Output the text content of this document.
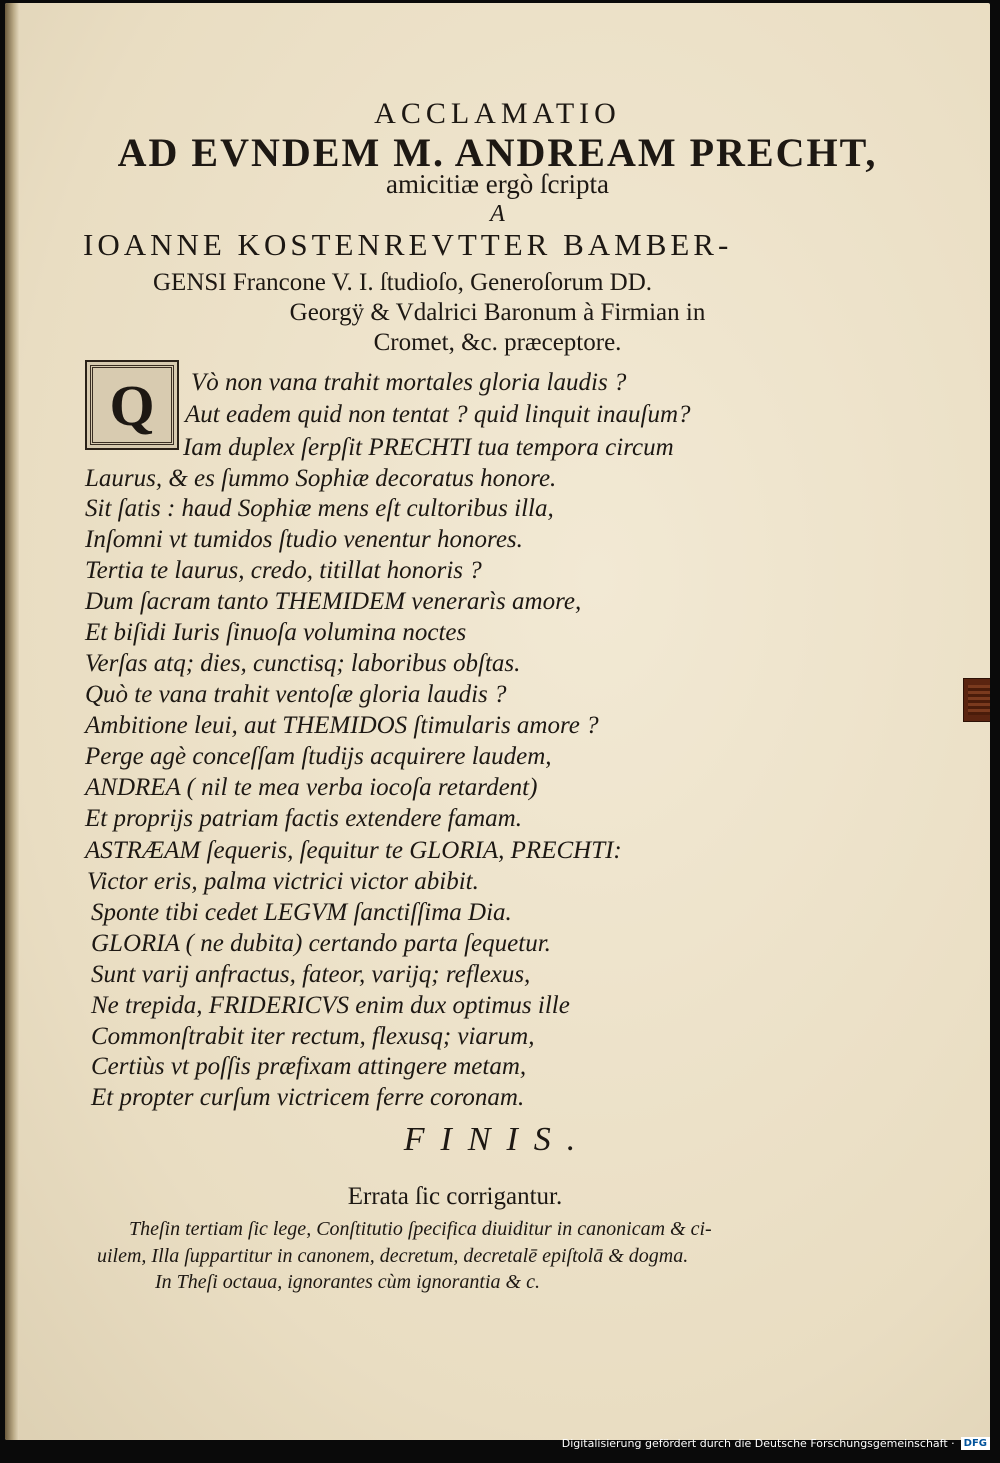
ACCLAMATIO
AD EVNDEM M. ANDREAM PRECHT,
amicitiæ ergò ſcripta
A
IOANNE KOSTENREVTTER BAMBER-
GENSI Francone V. I. ſtudioſo, Generoſorum DD.
Georgÿ & Vdalrici Baronum à Firmian in
Cromet, &c. præceptore.
Q Vò non vana trahit mortales gloria laudis ?
Aut eadem quid non tentat ? quid linquit inauſum?
Iam duplex ſerpſit PRECHTI tua tempora circum
Laurus, & es ſummo Sophiæ decoratus honore.
Sit ſatis : haud Sophiæ mens eſt cultoribus illa,
Inſomni vt tumidos ſtudio venentur honores.
Tertia te laurus, credo, titillat honoris ?
Dum ſacram tanto THEMIDEM venerarìs amore,
Et biſidi Iuris ſinuoſa volumina noctes
Verſas atq; dies, cunctisq; laboribus obſtas.
Quò te vana trahit ventoſæ gloria laudis ?
Ambitione leui, aut THEMIDOS ſtimularis amore ?
Perge agè conceſſam ſtudijs acquirere laudem,
ANDREA ( nil te mea verba iocoſa retardent)
Et proprijs patriam factis extendere famam.
ASTRÆAM ſequeris, ſequitur te GLORIA, PRECHTI:
Victor eris, palma victrici victor abibit.
Sponte tibi cedet LEGVM ſanctiſſima Dia.
GLORIA ( ne dubita) certando parta ſequetur.
Sunt varij anfractus, fateor, varijq; reflexus,
Ne trepida, FRIDERICVS enim dux optimus ille
Commonſtrabit iter rectum, flexusq; viarum,
Certiùs vt poſſis præfixam attingere metam,
Et propter curſum victricem ferre coronam.
FINIS.
Errata ſic corrigantur.
Theſin tertiam ſic lege, Conſtitutio ſpecifica diuiditur in canonicam & ci-
uilem, Illa ſuppartitur in canonem, decretum, decretalē epiſtolā & dogma.
In Theſi octaua, ignorantes cùm ignorantia & c.
Digitalisierung gefördert durch die Deutsche Forschungsgemeinschaft · DFG
